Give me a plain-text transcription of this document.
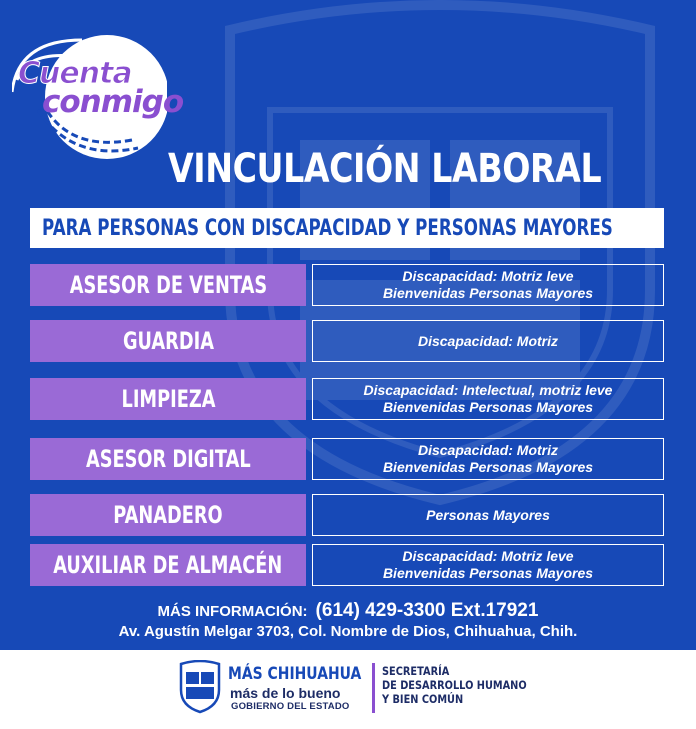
Cuenta
conmigo
VINCULACIÓN LABORAL
PARA PERSONAS CON DISCAPACIDAD Y PERSONAS MAYORES
ASESOR DE VENTAS	Discapacidad: Motriz leve
Bienvenidas Personas Mayores
GUARDIA	Discapacidad: Motriz
LIMPIEZA	Discapacidad: Intelectual, motriz leve
Bienvenidas Personas Mayores
ASESOR DIGITAL	Discapacidad: Motriz
Bienvenidas Personas Mayores
PANADERO	Personas Mayores
AUXILIAR DE ALMACÉN	Discapacidad: Motriz leve
Bienvenidas Personas Mayores
MÁS INFORMACIÓN: (614) 429-3300 Ext.17921
Av. Agustín Melgar 3703, Col. Nombre de Dios, Chihuahua, Chih.
MÁS CHIHUAHUA
más de lo bueno
GOBIERNO DEL ESTADO
SECRETARÍA
DE DESARROLLO HUMANO
Y BIEN COMÚN
